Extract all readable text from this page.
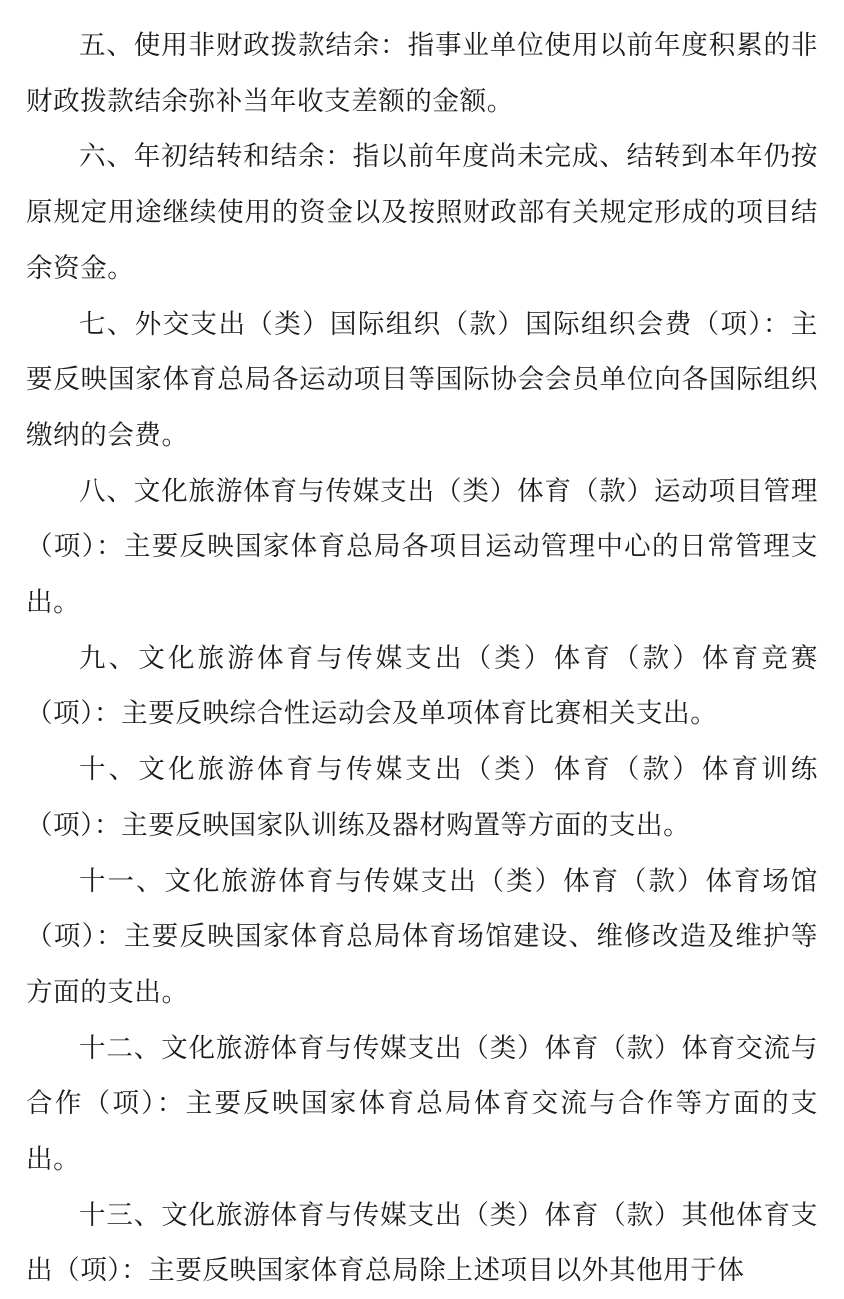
五、使用非财政拨款结余：指事业单位使用以前年度积累的非财政拨款结余弥补当年收支差额的金额。

六、年初结转和结余：指以前年度尚未完成、结转到本年仍按原规定用途继续使用的资金以及按照财政部有关规定形成的项目结余资金。

七、外交支出（类）国际组织（款）国际组织会费（项）：主要反映国家体育总局各运动项目等国际协会会员单位向各国际组织缴纳的会费。

八、文化旅游体育与传媒支出（类）体育（款）运动项目管理（项）：主要反映国家体育总局各项目运动管理中心的日常管理支出。

九、文化旅游体育与传媒支出（类）体育（款）体育竞赛（项）：主要反映综合性运动会及单项体育比赛相关支出。

十、文化旅游体育与传媒支出（类）体育（款）体育训练（项）：主要反映国家队训练及器材购置等方面的支出。

十一、文化旅游体育与传媒支出（类）体育（款）体育场馆（项）：主要反映国家体育总局体育场馆建设、维修改造及维护等方面的支出。

十二、文化旅游体育与传媒支出（类）体育（款）体育交流与合作（项）：主要反映国家体育总局体育交流与合作等方面的支出。

十三、文化旅游体育与传媒支出（类）体育（款）其他体育支出（项）：主要反映国家体育总局除上述项目以外其他用于体
